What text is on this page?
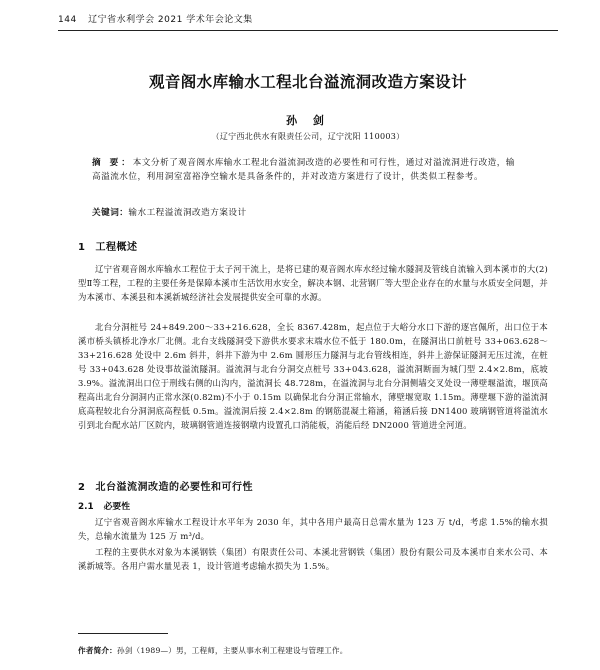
144 辽宁省水利学会 2021 学术年会论文集
观音阁水库输水工程北台溢流洞改造方案设计
孙 剑
（辽宁西北供水有限责任公司，辽宁沈阳 110003）
摘 要：本文分析了观音阁水库输水工程北台溢流洞改造的必要性和可行性，通过对溢流洞进行改造，输高溢流水位，利用洞室富裕净空输水是具备条件的，并对改造方案进行了设计，供类似工程参考。
关键词：输水工程溢流洞改造方案设计
1 工程概述
辽宁省观音阁水库输水工程位于太子河干流上，是将已建的观音阁水库水经过输水隧洞及管线自流输入到本溪市的大(2)型Ⅱ等工程，工程的主要任务是保障本溪市生活饮用水安全，解决本钢、北营钢厂等大型企业存在的水量与水质安全问题，并为本溪市、本溪县和本溪新城经济社会发展提供安全可靠的水源。
北台分洞桩号 24+849.200～33+216.628，全长 8367.428m，起点位于大峪分水口下游的逐宫佩所，出口位于本溪市桥头镇桥北净水厂北侧。北台支线隧洞受下游供水要求末端水位不低于 180.0m，在隧洞出口前桩号 33+063.628～33+216.628 处设中 2.6m 斜井，斜井下游为中 2.6m 圆形压力隧洞与北台管线相连，斜井上游保证隧洞无压过流，在桩号 33+043.628 处设事故溢流隧洞。溢流洞与北台分洞交点桩号 33+043.628，溢流洞断面为城门型 2.4×2.8m，底坡 3.9%。溢流洞出口位于刑线右侧的山沟内，溢流洞长 48.728m，在溢流洞与北台分洞侧墙交叉处设一薄壁堰溢流，堰顶高程高出北台分洞洞内正常水深(0.82m)不小于 0.15m 以确保北台分洞正常输水，薄壁堰宽取 1.15m。薄壁堰下游的溢流洞底高程较北台分洞洞底高程低 0.5m。溢流洞后接 2.4×2.8m 的钢筋混凝土箱涵，箱涵后接 DN1400 玻璃钢管道将溢流水引到北台配水站厂区院内，玻璃钢管道连接钢墩内设置孔口消能板，消能后经 DN2000 管道进全河道。
2 北台溢流洞改造的必要性和可行性
2.1 必要性
辽宁省观音阁水库输水工程设计水平年为 2030 年，其中各用户最高日总需水量为 123 万 t/d，考虑 1.5%的输水损失，总输水流量为 125 万 m³/d。
工程的主要供水对象为本溪钢铁（集团）有限责任公司、本溪北营钢铁（集团）股份有限公司及本溪市自来水公司、本溪新城等。各用户需水量见表 1，设计管道考虑输水损失为 1.5%。
作者简介：孙剑（1989—）男，工程师，主要从事水利工程建设与管理工作。
